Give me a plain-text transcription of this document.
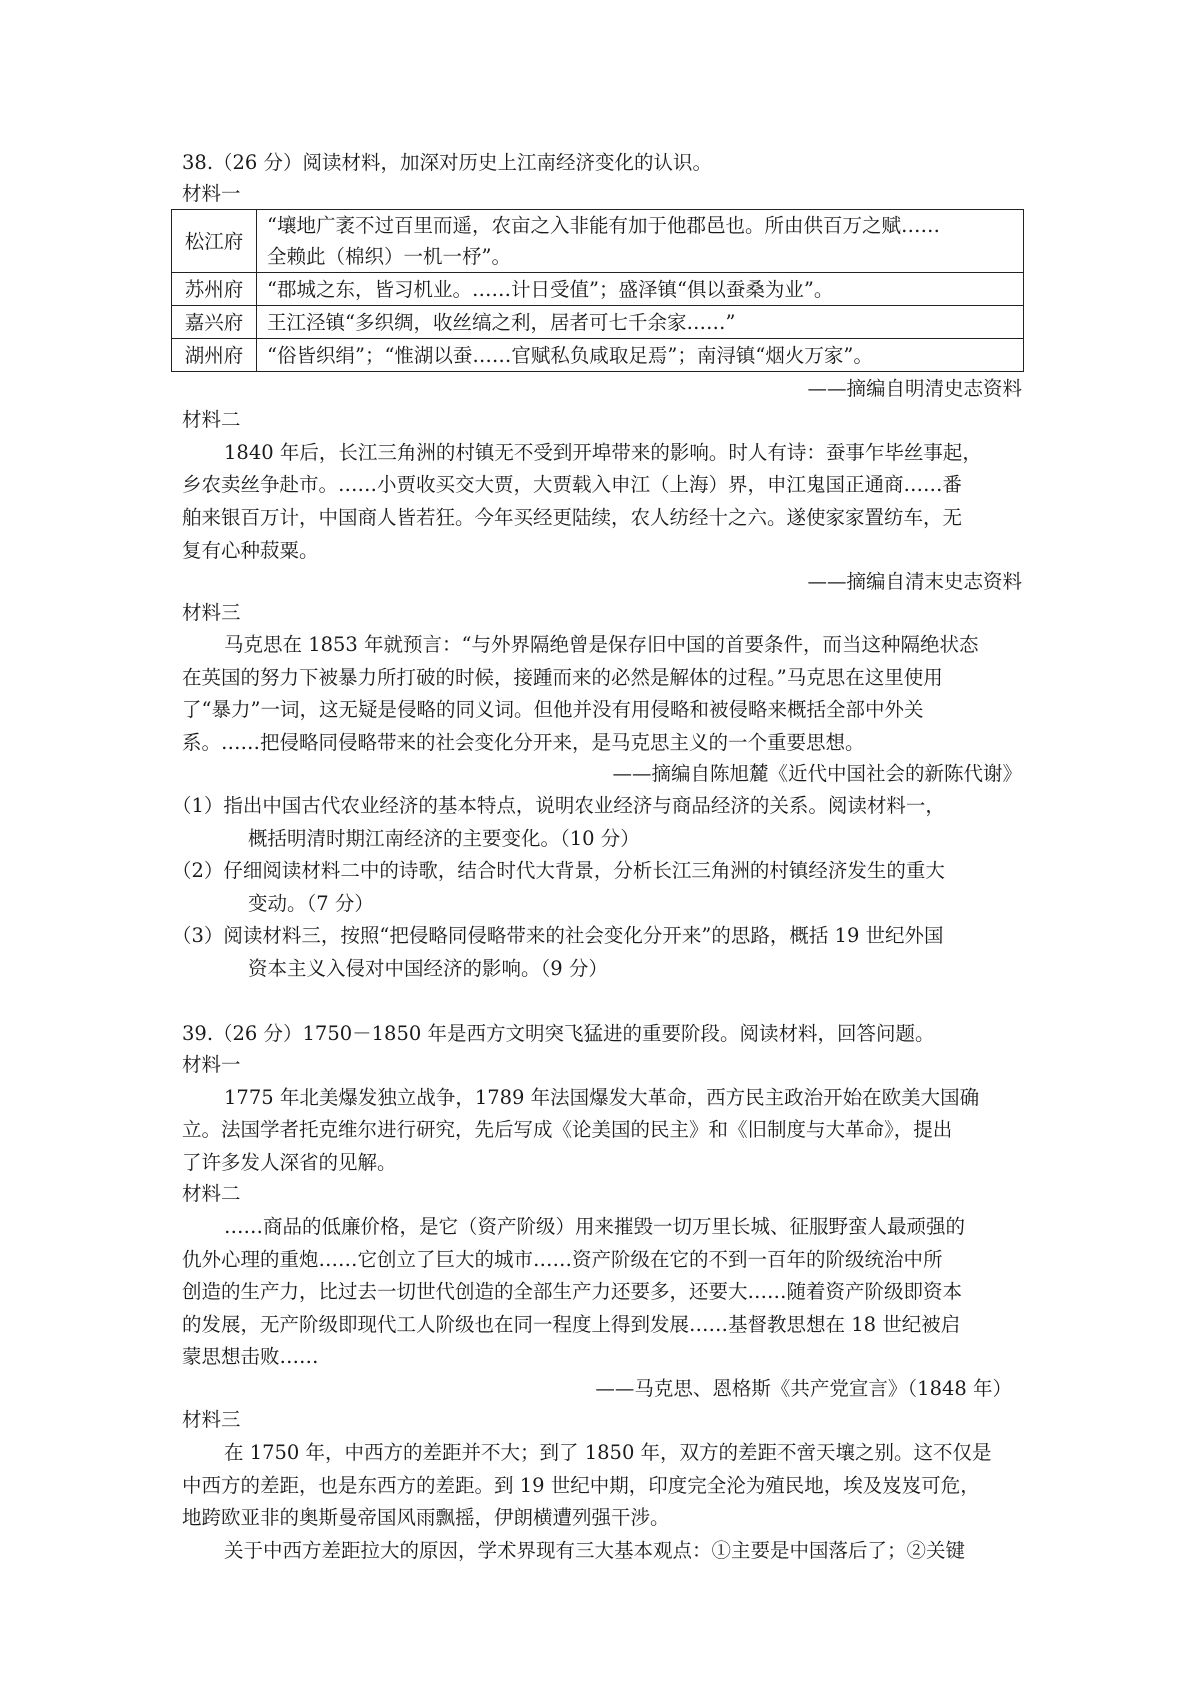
38.（26 分）阅读材料，加深对历史上江南经济变化的认识。
材料一
松江府	“壤地广袤不过百里而遥，农亩之入非能有加于他郡邑也。所由供百万之赋……
全赖此（棉织）一机一杼”。

苏州府	“郡城之东，皆习机业。……计日受值”；盛泽镇“俱以蚕桑为业”。

嘉兴府	王江泾镇“多织绸，收丝缟之利，居者可七千余家……”

湖州府	“俗皆织绢”；“惟湖以蚕……官赋私负咸取足焉”；南浔镇“烟火万家”。
——摘编自明清史志资料
材料二
1840 年后，长江三角洲的村镇无不受到开埠带来的影响。时人有诗：蚕事乍毕丝事起，
乡农卖丝争赴市。……小贾收买交大贾，大贾载入申江（上海）界，申江鬼国正通商……番
舶来银百万计，中国商人皆若狂。今年买经更陆续，农人纺经十之六。遂使家家置纺车，无
复有心种菽粟。
——摘编自清末史志资料
材料三
马克思在 1853 年就预言：“与外界隔绝曾是保存旧中国的首要条件，而当这种隔绝状态
在英国的努力下被暴力所打破的时候，接踵而来的必然是解体的过程。”马克思在这里使用
了“暴力”一词，这无疑是侵略的同义词。但他并没有用侵略和被侵略来概括全部中外关
系。……把侵略同侵略带来的社会变化分开来，是马克思主义的一个重要思想。
——摘编自陈旭麓《近代中国社会的新陈代谢》
（1）指出中国古代农业经济的基本特点，说明农业经济与商品经济的关系。阅读材料一，
概括明清时期江南经济的主要变化。（10 分）
（2）仔细阅读材料二中的诗歌，结合时代大背景，分析长江三角洲的村镇经济发生的重大
变动。（7 分）
（3）阅读材料三，按照“把侵略同侵略带来的社会变化分开来”的思路，概括 19 世纪外国
资本主义入侵对中国经济的影响。（9 分）
39.（26 分）1750－1850 年是西方文明突飞猛进的重要阶段。阅读材料，回答问题。
材料一
1775 年北美爆发独立战争，1789 年法国爆发大革命，西方民主政治开始在欧美大国确
立。法国学者托克维尔进行研究，先后写成《论美国的民主》和《旧制度与大革命》，提出
了许多发人深省的见解。
材料二
……商品的低廉价格，是它（资产阶级）用来摧毁一切万里长城、征服野蛮人最顽强的
仇外心理的重炮……它创立了巨大的城市……资产阶级在它的不到一百年的阶级统治中所
创造的生产力，比过去一切世代创造的全部生产力还要多，还要大……随着资产阶级即资本
的发展，无产阶级即现代工人阶级也在同一程度上得到发展……基督教思想在 18 世纪被启
蒙思想击败……
——马克思、恩格斯《共产党宣言》（1848 年）
材料三
在 1750 年，中西方的差距并不大；到了 1850 年，双方的差距不啻天壤之别。这不仅是
中西方的差距，也是东西方的差距。到 19 世纪中期，印度完全沦为殖民地，埃及岌岌可危，
地跨欧亚非的奥斯曼帝国风雨飘摇，伊朗横遭列强干涉。
关于中西方差距拉大的原因，学术界现有三大基本观点：①主要是中国落后了；②关键
